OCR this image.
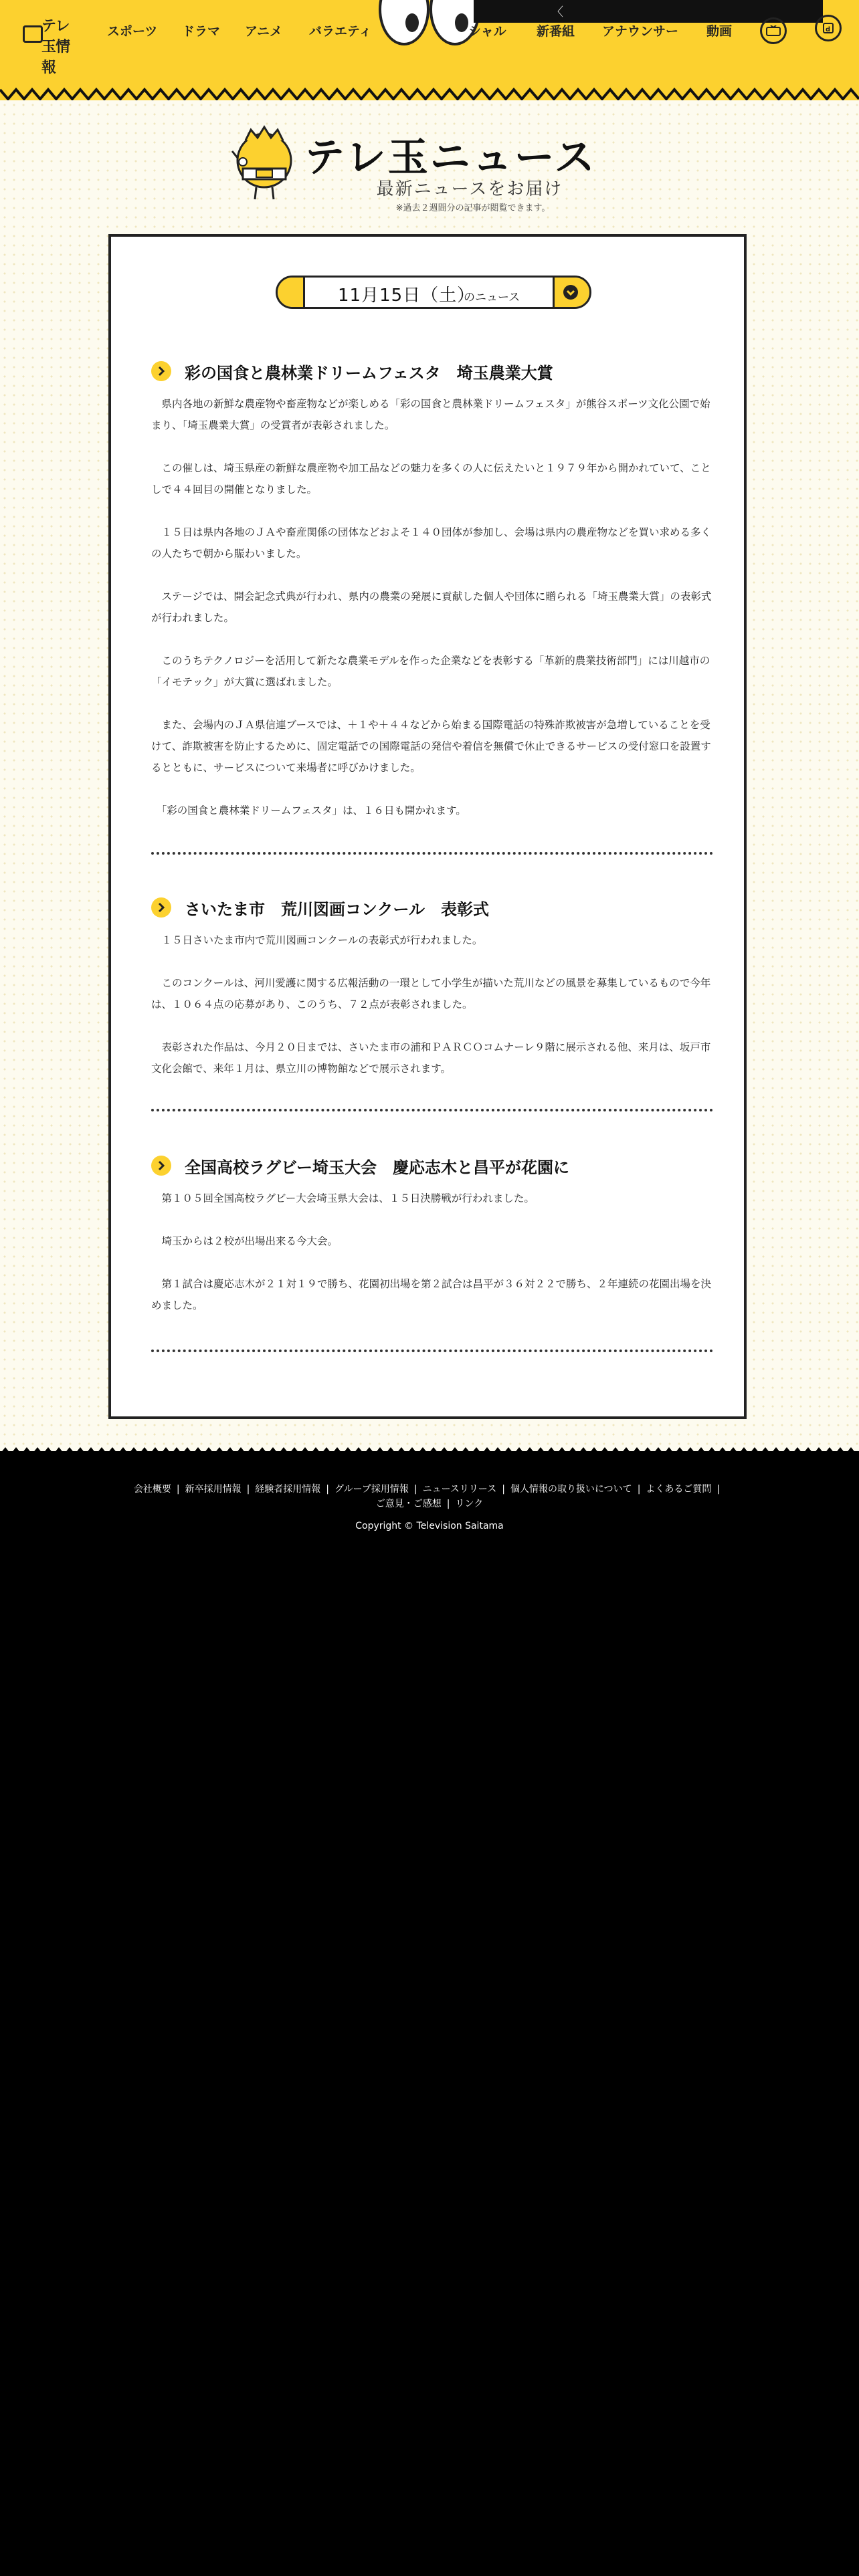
テレ玉情報
スポーツ ドラマ アニメ バラエティ
〈
シャル 新番組 アナウンサー 動画	d
テレ玉ニュース
最新ニュースをお届け
※過去２週間分の記事が閲覧できます。
11月15日（土）
のニュース
彩の国食と農林業ドリームフェスタ　埼玉農業大賞

　県内各地の新鮮な農産物や畜産物などが楽しめる「彩の国食と農林業ドリームフェスタ」が熊谷スポーツ文化公園で始まり、「埼玉農業大賞」の受賞者が表彰されました。

　この催しは、埼玉県産の新鮮な農産物や加工品などの魅力を多くの人に伝えたいと１９７９年から開かれていて、ことしで４４回目の開催となりました。

　１５日は県内各地のＪＡや畜産関係の団体などおよそ１４０団体が参加し、会場は県内の農産物などを買い求める多くの人たちで朝から賑わいました。

　ステージでは、開会記念式典が行われ、県内の農業の発展に貢献した個人や団体に贈られる「埼玉農業大賞」の表彰式が行われました。

　このうちテクノロジーを活用して新たな農業モデルを作った企業などを表彰する「革新的農業技術部門」には川越市の「イモテック」が大賞に選ばれました。

　また、会場内のＪＡ県信連ブースでは、＋１や＋４４などから始まる国際電話の特殊詐欺被害が急増していることを受けて、詐欺被害を防止するために、固定電話での国際電話の発信や着信を無償で休止できるサービスの受付窓口を設置するとともに、サービスについて来場者に呼びかけました。

　「彩の国食と農林業ドリームフェスタ」は、１６日も開かれます。

さいたま市　荒川図画コンクール　表彰式

　１５日さいたま市内で荒川図画コンクールの表彰式が行われました。

　このコンクールは、河川愛護に関する広報活動の一環として小学生が描いた荒川などの風景を募集しているもので今年は、１０６４点の応募があり、このうち、７２点が表彰されました。

　表彰された作品は、今月２０日までは、さいたま市の浦和ＰＡＲＣＯコムナーレ９階に展示される他、来月は、坂戸市文化会館で、来年１月は、県立川の博物館などで展示されます。

全国高校ラグビー埼玉大会　慶応志木と昌平が花園に

　第１０５回全国高校ラグビー大会埼玉県大会は、１５日決勝戦が行われました。

　埼玉からは２校が出場出来る今大会。

　第１試合は慶応志木が２１対１９で勝ち、花園初出場を第２試合は昌平が３６対２２で勝ち、２年連続の花園出場を決めました。

会社概要 | 新卒採用情報 | 経験者採用情報 | グループ採用情報 | ニュースリリース | 個人情報の取り扱いについて | よくあるご質問 |
ご意見・ご感想 | リンク
Copyright © Television Saitama
